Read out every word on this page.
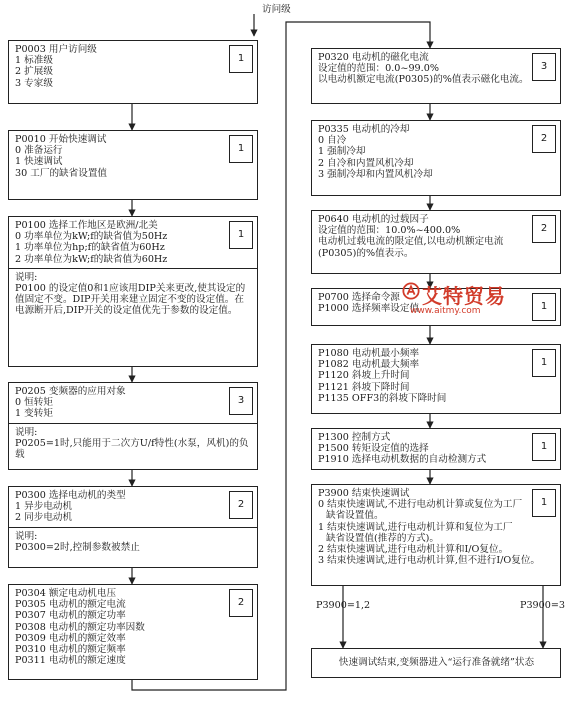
访问级
1
P0003 用户访问级
1 标准级
2 扩展级
3 专家级
1
P0010 开始快速调试
0 准备运行
1 快速调试
30 工厂的缺省设置值
1
P0100 选择工作地区是欧洲/北美
0 功率单位为kW;f的缺省值为50Hz
1 功率单位为hp;f的缺省值为60Hz
2 功率单位为kW;f的缺省值为60Hz
说明:
P0100 的设定值0和1应该用DIP关来更改,使其设定的值固定不变。DIP开关用来建立固定不变的设定值。在电源断开后,DIP开关的设定值优先于参数的设定值。
3
P0205 变频器的应用对象
0 恒转矩
1 变转矩
说明:
P0205=1时,只能用于二次方U/f特性(水泵，风机)的负载
2
P0300 选择电动机的类型
1 异步电动机
2 同步电动机
说明:
P0300=2时,控制参数被禁止
2
P0304 额定电动机电压
P0305 电动机的额定电流
P0307 电动机的额定功率
P0308 电动机的额定功率因数
P0309 电动机的额定效率
P0310 电动机的额定频率
P0311 电动机的额定速度
3
P0320 电动机的磁化电流
设定值的范围：0.0~99.0%
以电动机额定电流(P0305)的%值表示磁化电流。
2
P0335 电动机的冷却
0 自冷
1 强制冷却
2 自冷和内置风机冷却
3 强制冷却和内置风机冷却
2
P0640 电动机的过载因子
设定值的范围：10.0%~400.0%
电动机过载电流的限定值,以电动机额定电流
(P0305)的%值表示。
1
P0700 选择命令源
P1000 选择频率设定值
1
P1080 电动机最小频率
P1082 电动机最大频率
P1120 斜坡上升时间
P1121 斜坡下降时间
P1135 OFF3的斜坡下降时间
1
P1300 控制方式
P1500 转矩设定值的选择
P1910 选择电动机数据的自动检测方式
1
P3900 结束快速调试
0 结束快速调试,不进行电动机计算或复位为工厂
缺省设置值。
1 结束快速调试,进行电动机计算和复位为工厂
缺省设置值(推荐的方式)。
2 结束快速调试,进行电动机计算和I/O复位。
3 结束快速调试,进行电动机计算,但不进行I/O复位。
快速调试结束,变频器进入“运行准备就绪”状态
P3900=1,2	P3900=3
艾特贸易
www.aitmy.com
